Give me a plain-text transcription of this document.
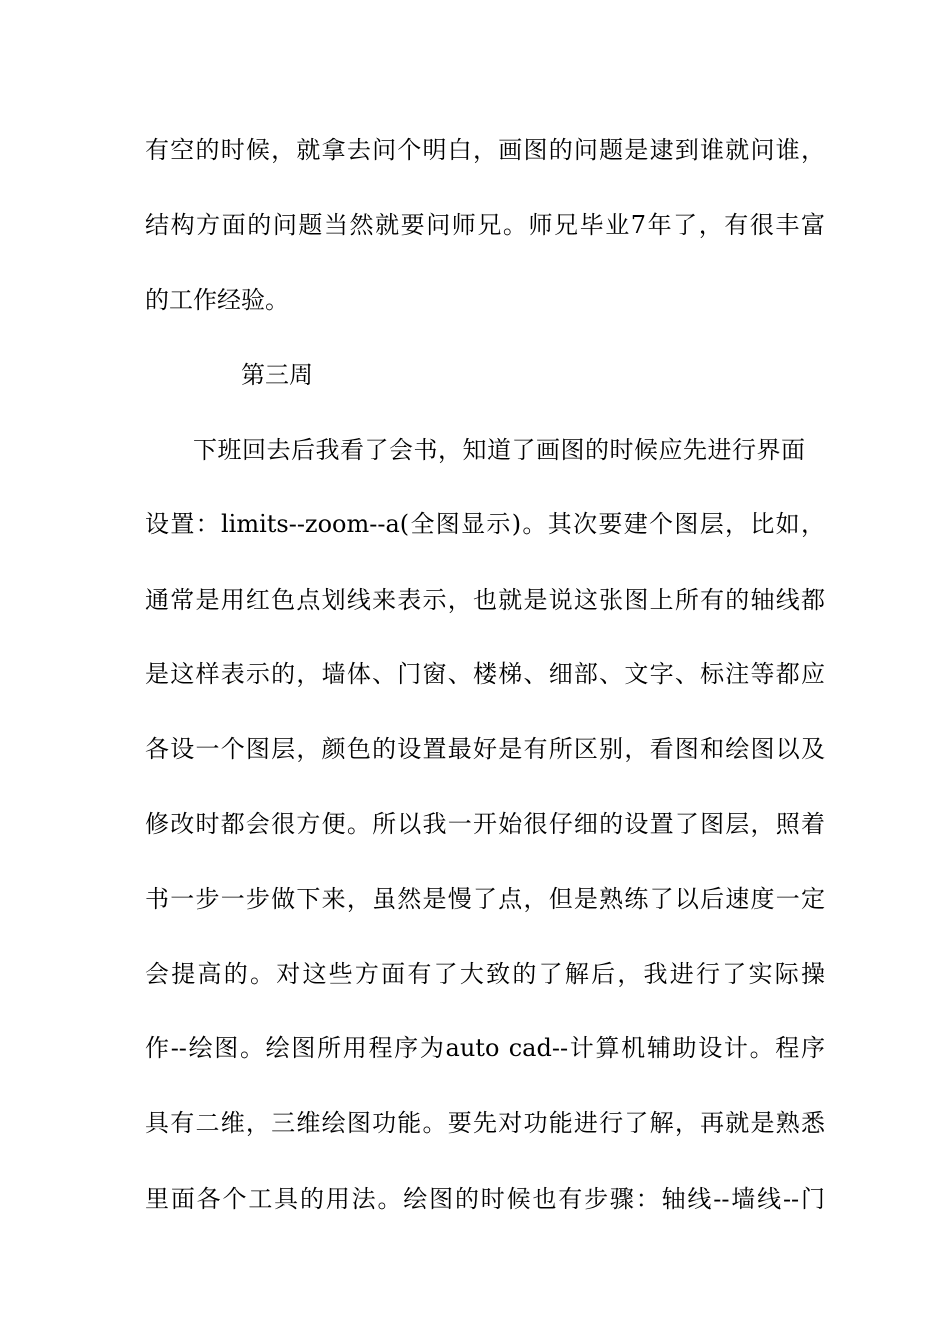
有空的时候，就拿去问个明白，画图的问题是逮到谁就问谁，
结构方面的问题当然就要问师兄。师兄毕业7年了，有很丰富
的工作经验。
第三周
下班回去后我看了会书，知道了画图的时候应先进行界面
设置：limits--zoom--a(全图显示)。其次要建个图层，比如，
通常是用红色点划线来表示，也就是说这张图上所有的轴线都
是这样表示的，墙体、门窗、楼梯、细部、文字、标注等都应
各设一个图层，颜色的设置最好是有所区别，看图和绘图以及
修改时都会很方便。所以我一开始很仔细的设置了图层，照着
书一步一步做下来，虽然是慢了点，但是熟练了以后速度一定
会提高的。对这些方面有了大致的了解后，我进行了实际操
作--绘图。绘图所用程序为auto cad--计算机辅助设计。程序
具有二维，三维绘图功能。要先对功能进行了解，再就是熟悉
里面各个工具的用法。绘图的时候也有步骤：轴线--墙线--门
